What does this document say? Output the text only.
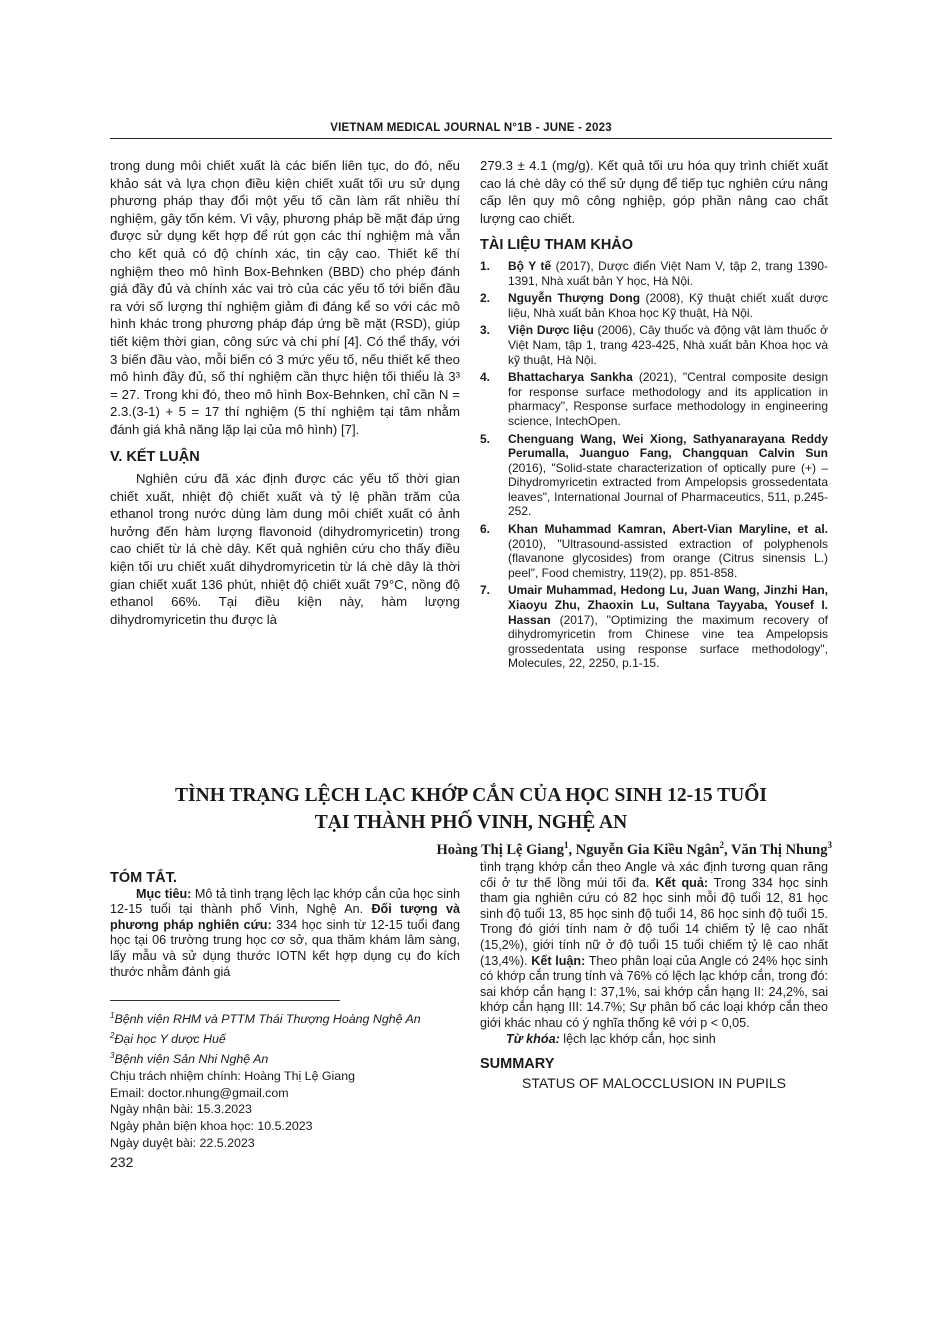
VIETNAM MEDICAL JOURNAL N°1B - JUNE - 2023

trong dung môi chiết xuất là các biến liên tục, do đó, nếu khảo sát và lựa chọn điều kiện chiết xuất tối ưu sử dụng phương pháp thay đổi một yếu tố cần làm rất nhiều thí nghiệm, gây tốn kém. Vì vậy, phương pháp bề mặt đáp ứng được sử dụng kết hợp để rút gọn các thí nghiệm mà vẫn cho kết quả có độ chính xác, tin cậy cao. Thiết kế thí nghiệm theo mô hình Box-Behnken (BBD) cho phép đánh giá đầy đủ và chính xác vai trò của các yếu tố tới biến đầu ra với số lượng thí nghiệm giảm đi đáng kể so với các mô hình khác trong phương pháp đáp ứng bề mặt (RSD), giúp tiết kiệm thời gian, công sức và chi phí [4]. Có thể thấy, với 3 biến đầu vào, mỗi biến có 3 mức yếu tố, nếu thiết kế theo mô hình đầy đủ, số thí nghiệm cần thực hiện tối thiểu là 3³ = 27. Trong khi đó, theo mô hình Box-Behnken, chỉ cần N = 2.3.(3-1) + 5 = 17 thí nghiệm (5 thí nghiệm tại tâm nhằm đánh giá khả năng lặp lại của mô hình) [7].

V. KẾT LUẬN

Nghiên cứu đã xác định được các yếu tố thời gian chiết xuất, nhiệt độ chiết xuất và tỷ lệ phần trăm của ethanol trong nước dùng làm dung môi chiết xuất có ảnh hưởng đến hàm lượng flavonoid (dihydromyricetin) trong cao chiết từ lá chè dây. Kết quả nghiên cứu cho thấy điều kiện tối ưu chiết xuất dihydromyricetin từ lá chè dây là thời gian chiết xuất 136 phút, nhiệt độ chiết xuất 79°C, nồng độ ethanol 66%. Tại điều kiện này, hàm lượng dihydromyricetin thu được là

279.3 ± 4.1 (mg/g). Kết quả tối ưu hóa quy trình chiết xuất cao lá chè dây có thể sử dụng để tiếp tục nghiên cứu nâng cấp lên quy mô công nghiệp, góp phần nâng cao chất lượng cao chiết.

TÀI LIỆU THAM KHẢO

1. Bộ Y tế (2017), Dược điển Việt Nam V, tập 2, trang 1390-1391, Nhà xuất bản Y học, Hà Nội.
2. Nguyễn Thượng Dong (2008), Kỹ thuật chiết xuất dược liệu, Nhà xuất bản Khoa học Kỹ thuật, Hà Nội.
3. Viện Dược liệu (2006), Cây thuốc và động vật làm thuốc ở Việt Nam, tập 1, trang 423-425, Nhà xuất bản Khoa học và kỹ thuật, Hà Nội.
4. Bhattacharya Sankha (2021), "Central composite design for response surface methodology and its application in pharmacy", Response surface methodology in engineering science, IntechOpen.
5. Chenguang Wang, Wei Xiong, Sathyanarayana Reddy Perumalla, Juanguo Fang, Changquan Calvin Sun (2016), "Solid-state characterization of optically pure (+) – Dihydromyricetin extracted from Ampelopsis grossedentata leaves", International Journal of Pharmaceutics, 511, p.245-252.
6. Khan Muhammad Kamran, Abert-Vian Maryline, et al. (2010), "Ultrasound-assisted extraction of polyphenols (flavanone glycosides) from orange (Citrus sinensis L.) peel", Food chemistry, 119(2), pp. 851-858.
7. Umair Muhammad, Hedong Lu, Juan Wang, Jinzhi Han, Xiaoyu Zhu, Zhaoxin Lu, Sultana Tayyaba, Yousef I. Hassan (2017), "Optimizing the maximum recovery of dihydromyricetin from Chinese vine tea Ampelopsis grossedentata using response surface methodology", Molecules, 22, 2250, p.1-15.
TÌNH TRẠNG LỆCH LẠC KHỚP CẮN CỦA HỌC SINH 12-15 TUỔI
TẠI THÀNH PHỐ VINH, NGHỆ AN
Hoàng Thị Lệ Giang$^1$, Nguyễn Gia Kiều Ngân$^2$, Văn Thị Nhung$^3$

TÓM TẮT.

Mục tiêu: Mô tả tình trạng lệch lạc khớp cắn của học sinh 12-15 tuổi tại thành phố Vinh, Nghệ An. Đối tượng và phương pháp nghiên cứu: 334 học sinh từ 12-15 tuổi đang học tại 06 trường trung học cơ sở, qua thăm khám lâm sàng, lấy mẫu và sử dụng thước IOTN kết hợp dụng cụ đo kích thước nhằm đánh giá

$^1$Bệnh viện RHM và PTTM Thái Thượng Hoàng Nghệ An
$^2$Đại học Y dược Huế
$^3$Bệnh viện Sản Nhi Nghệ An
Chịu trách nhiệm chính: Hoàng Thị Lệ Giang
Email: doctor.nhung@gmail.com
Ngày nhận bài: 15.3.2023
Ngày phản biện khoa học: 10.5.2023
Ngày duyệt bài: 22.5.2023

tình trạng khớp cắn theo Angle và xác định tương quan răng cối ở tư thế lồng múi tối đa. Kết quả: Trong 334 học sinh tham gia nghiên cứu có 82 học sinh mỗi độ tuổi 12, 81 học sinh độ tuổi 13, 85 học sinh độ tuổi 14, 86 học sinh độ tuổi 15. Trong đó giới tính nam ở độ tuổi 14 chiếm tỷ lệ cao nhất (15,2%), giới tính nữ ở độ tuổi 15 tuổi chiếm tỷ lệ cao nhất (13,4%). Kết luận: Theo phân loại của Angle có 24% học sinh có khớp cắn trung tính và 76% có lệch lạc khớp cắn, trong đó: sai khớp cắn hạng I: 37,1%, sai khớp cắn hạng II: 24,2%, sai khớp cắn hạng III: 14.7%; Sự phân bố các loại khớp cắn theo giới khác nhau có ý nghĩa thống kê với p < 0,05.

Từ khóa: lệch lạc khớp cắn, học sinh

SUMMARY

STATUS OF MALOCCLUSION IN PUPILS

232
